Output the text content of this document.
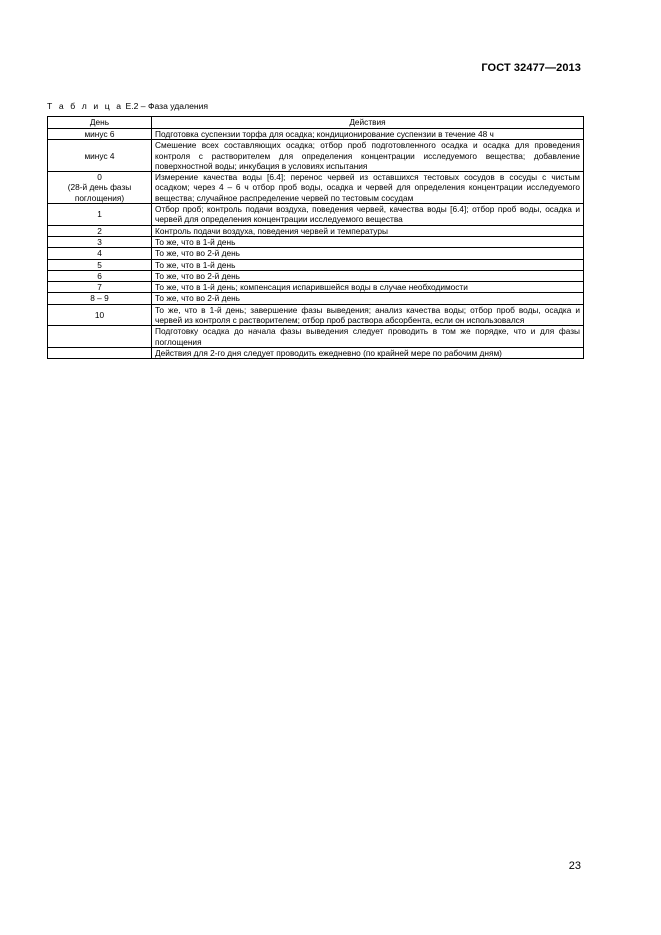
ГОСТ 32477—2013
Т а б л и ц а Е.2 – Фаза удаления
День	Действия
минус 6	Подготовка суспензии торфа для осадка; кондиционирование суспензии в течение 48 ч
минус 4	Смешение всех составляющих осадка; отбор проб подготовленного осадка и осадка для проведения контроля с растворителем для определения концентрации исследуемого вещества; добавление поверхностной воды; инкубация в условиях испытания
0
(28-й день фазы поглощения)	Измерение качества воды [6.4]; перенос червей из оставшихся тестовых сосудов в сосуды с чистым осадком; через 4 – 6 ч отбор проб воды, осадка и червей для определения концентрации исследуемого вещества; случайное распределение червей по тестовым сосудам
1	Отбор проб; контроль подачи воздуха, поведения червей, качества воды [6.4]; отбор проб воды, осадка и червей для определения концентрации исследуемого вещества
2	Контроль подачи воздуха, поведения червей и температуры
3	То же, что в 1-й день
4	То же, что во 2-й день
5	То же, что в 1-й день
6	То же, что во 2-й день
7	То же, что в 1-й день; компенсация испарившейся воды в случае необходимости
8 – 9	То же, что во 2-й день
10	То же, что в 1-й день; завершение фазы выведения; анализ качества воды; отбор проб воды, осадка и червей из контроля с растворителем; отбор проб раствора абсорбента, если он использовался
	Подготовку осадка до начала фазы выведения следует проводить в том же порядке, что и для фазы поглощения
	Действия для 2-го дня следует проводить ежедневно (по крайней мере по рабочим дням)
23
